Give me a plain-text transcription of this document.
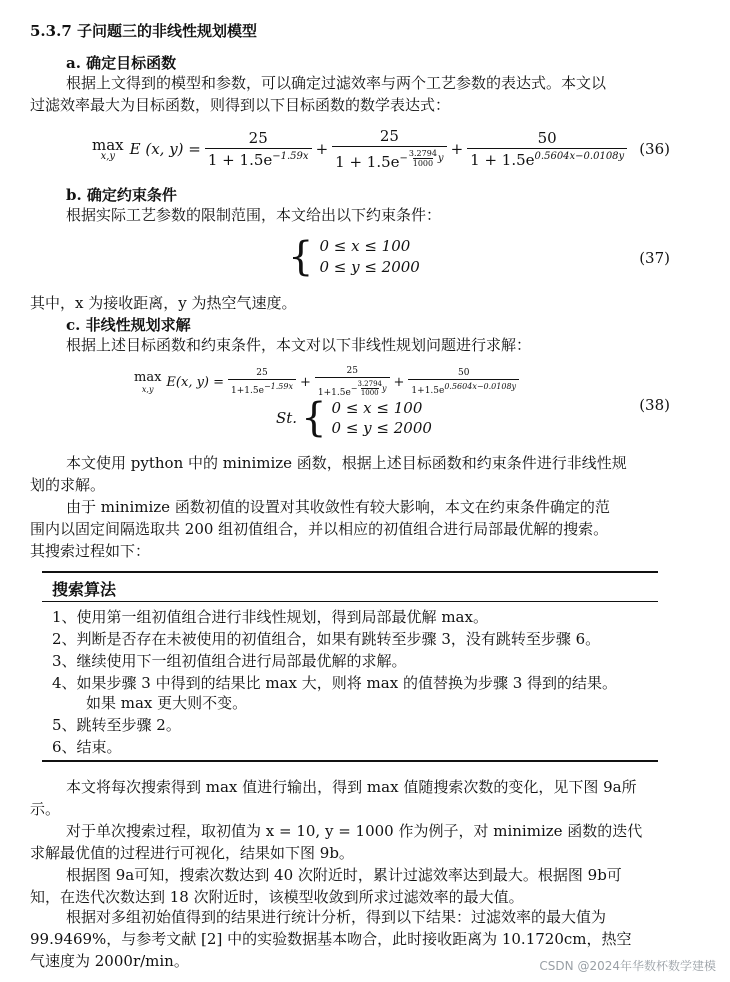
5.3.7 子问题三的非线性规划模型
a. 确定目标函数
根据上文得到的模型和参数，可以确定过滤效率与两个工艺参数的表达式。本文以
过滤效率最大为目标函数，则得到以下目标函数的数学表达式：
max
x,y E (x, $y) = \frac{25}{1 + 1.5e^{-1.59x}} + 25$
1 + 1.5e $^{- \frac{3.2794}{1000} y} + \frac{50}{1 + 1.5e^{0.5604x-0.0108y}} (36)$
b. 确定约束条件
根据实际工艺参数的限制范围，本文给出以下约束条件：
{ 0 ≤ x ≤ 100
0 ≤ y ≤ 2000	(37)
其中，x 为接收距离，y 为热空气速度。
c. 非线性规划求解
根据上述目标函数和约束条件，本文对以下非线性规划问题进行求解：
max
x,y E(x, $y) = \frac{25}{1+1.5e^{-1.59x}} + 25$
1+1.5e $^{- \frac{3.2794}{1000} y} + \frac{50}{1+1.5e^{0.5604x-0.0108y}}$
St. { 0 ≤ x ≤ 100
0 ≤ y ≤ 2000
(38)
本文使用 python 中的 minimize 函数，根据上述目标函数和约束条件进行非线性规
划的求解。
由于 minimize 函数初值的设置对其收敛性有较大影响，本文在约束条件确定的范
围内以固定间隔选取共 200 组初值组合，并以相应的初值组合进行局部最优解的搜索。
其搜索过程如下：
搜索算法
1、使用第一组初值组合进行非线性规划，得到局部最优解 max。
2、判断是否存在未被使用的初值组合，如果有跳转至步骤 3，没有跳转至步骤 6。
3、继续使用下一组初值组合进行局部最优解的求解。
4、如果步骤 3 中得到的结果比 max 大，则将 max 的值替换为步骤 3 得到的结果。
如果 max 更大则不变。
5、跳转至步骤 2。
6、结束。
本文将每次搜索得到 max 值进行输出，得到 max 值随搜索次数的变化，见下图 9a所
示。
对于单次搜索过程，取初值为 x = 10, y = 1000 作为例子，对 minimize 函数的迭代
求解最优值的过程进行可视化，结果如下图 9b。
根据图 9a可知，搜索次数达到 40 次附近时，累计过滤效率达到最大。根据图 9b可
知，在迭代次数达到 18 次附近时，该模型收敛到所求过滤效率的最大值。
根据对多组初始值得到的结果进行统计分析，得到以下结果：过滤效率的最大值为
99.9469%，与参考文献 [2] 中的实验数据基本吻合，此时接收距离为 10.1720cm，热空
气速度为 2000r/min。	CSDN @2024年华数杯数学建模
